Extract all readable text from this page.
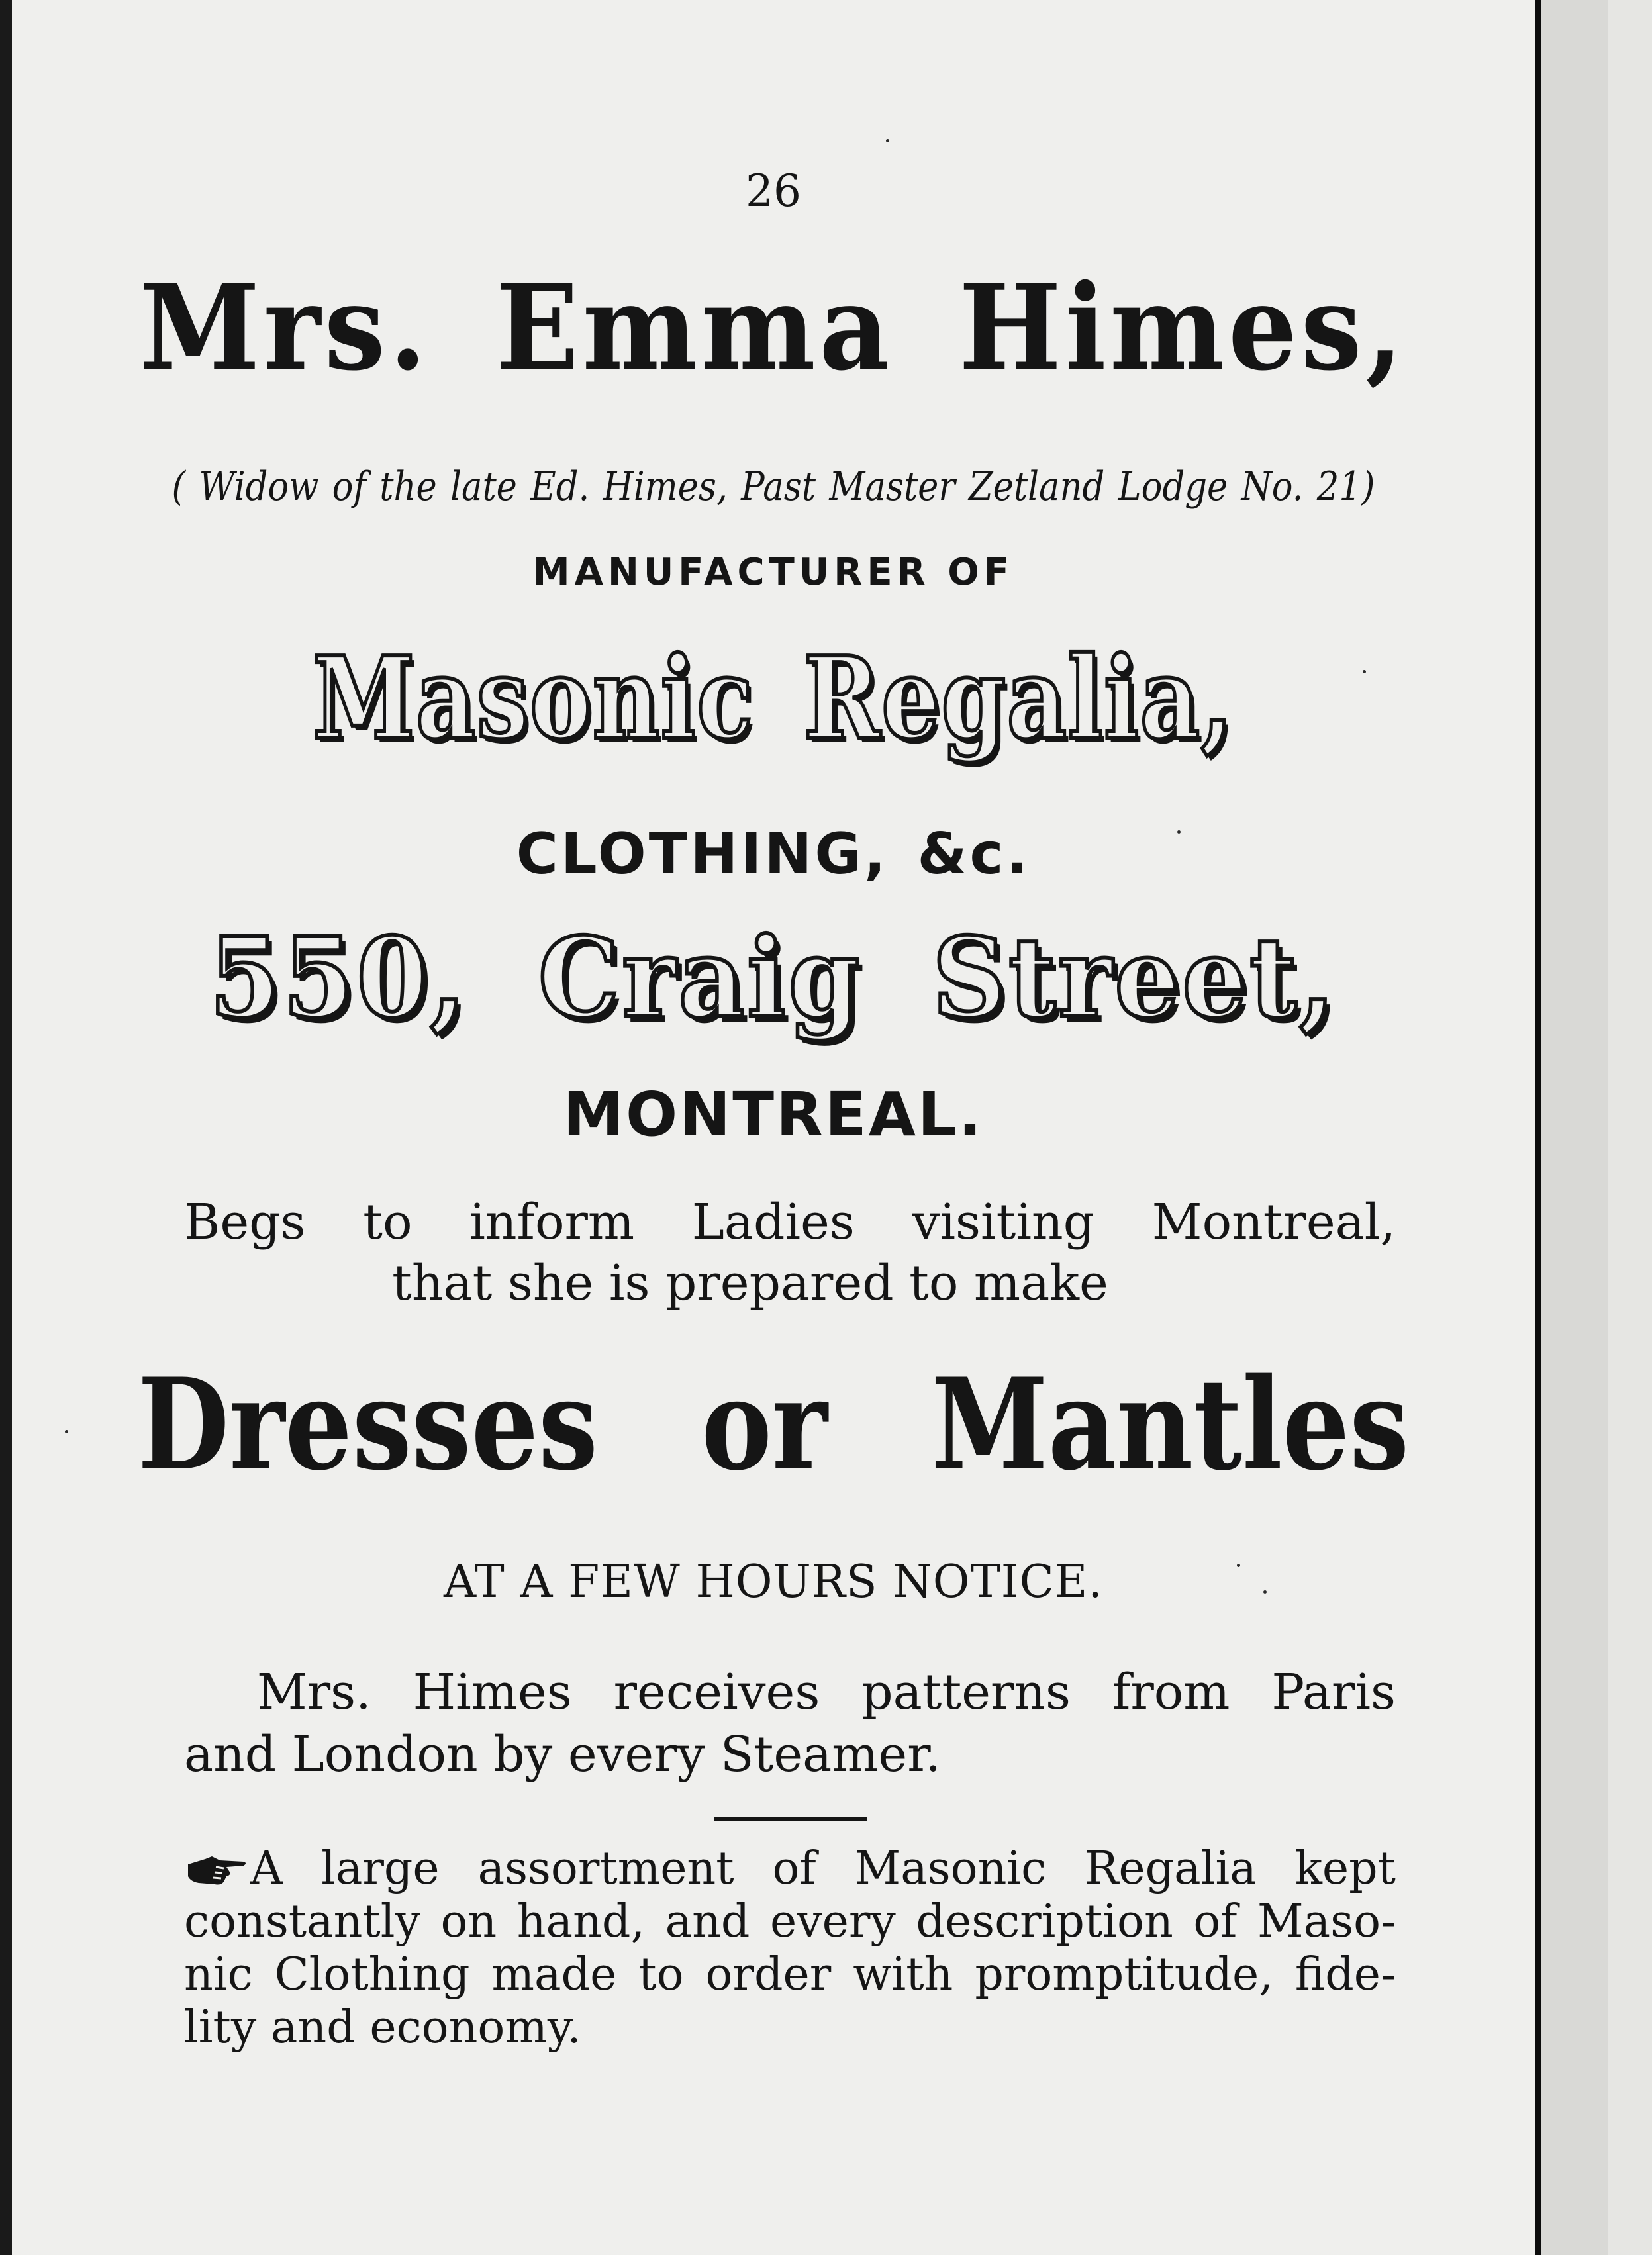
26

Mrs. Emma Himes,

( Widow of the late Ed. Himes, Past Master Zetland Lodge No. 21)

MANUFACTURER OF

Masonic Regalia,

CLOTHING, &c.

550, Craig Street,

MONTREAL.

Begs to inform Ladies visiting Montreal,

that she is prepared to make

Dresses or Mantles

AT A FEW HOURS NOTICE.

Mrs. Himes receives patterns from Paris

and London by every Steamer.

A large assortment of Masonic Regalia kept

constantly on hand, and every description of Maso-

nic Clothing made to order with promptitude, fide-

lity and economy.
